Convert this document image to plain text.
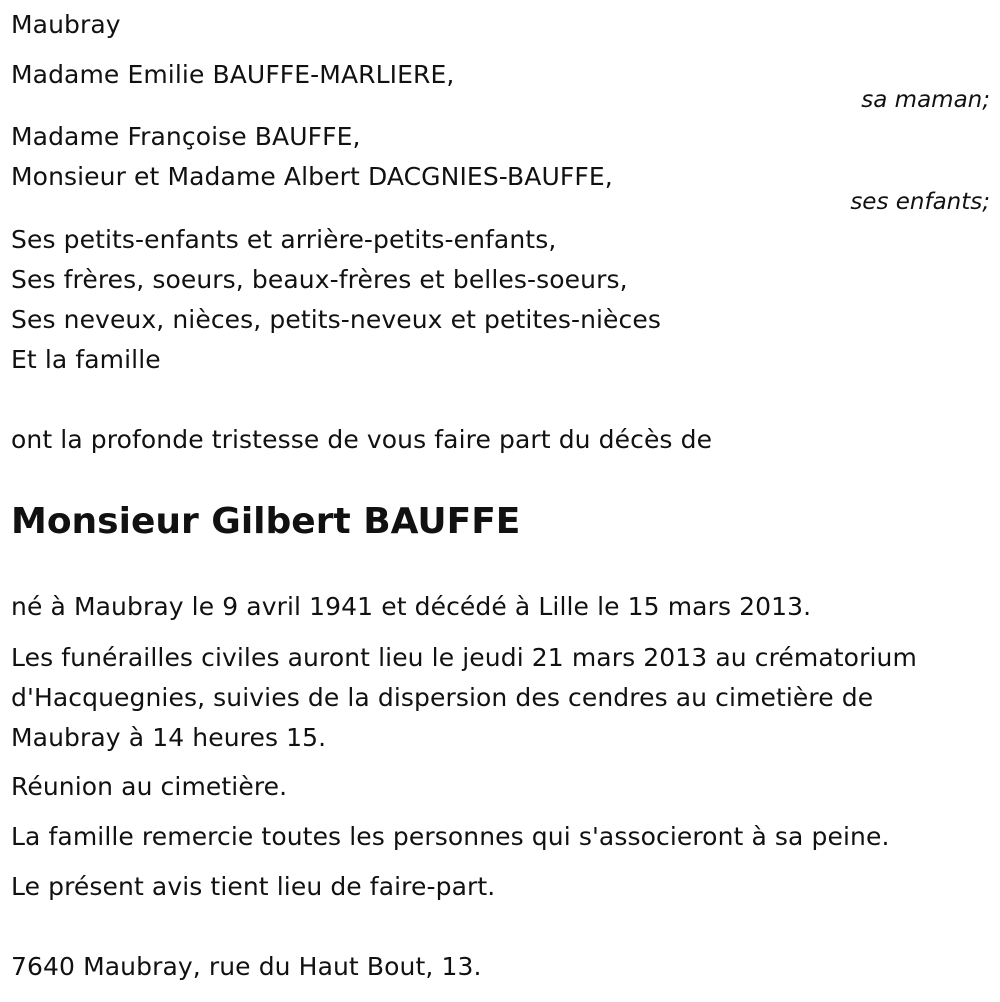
Maubray
Madame Emilie BAUFFE-MARLIERE,
sa maman;
Madame Françoise BAUFFE,
Monsieur et Madame Albert DACGNIES-BAUFFE,
ses enfants;
Ses petits-enfants et arrière-petits-enfants,
Ses frères, soeurs, beaux-frères et belles-soeurs,
Ses neveux, nièces, petits-neveux et petites-nièces
Et la famille
ont la profonde tristesse de vous faire part du décès de
Monsieur Gilbert BAUFFE
né à Maubray le 9 avril 1941 et décédé à Lille le 15 mars 2013.
Les funérailles civiles auront lieu le jeudi 21 mars 2013 au crématorium
d'Hacquegnies, suivies de la dispersion des cendres au cimetière de
Maubray à 14 heures 15.
Réunion au cimetière.
La famille remercie toutes les personnes qui s'associeront à sa peine.
Le présent avis tient lieu de faire-part.
7640 Maubray, rue du Haut Bout, 13.
